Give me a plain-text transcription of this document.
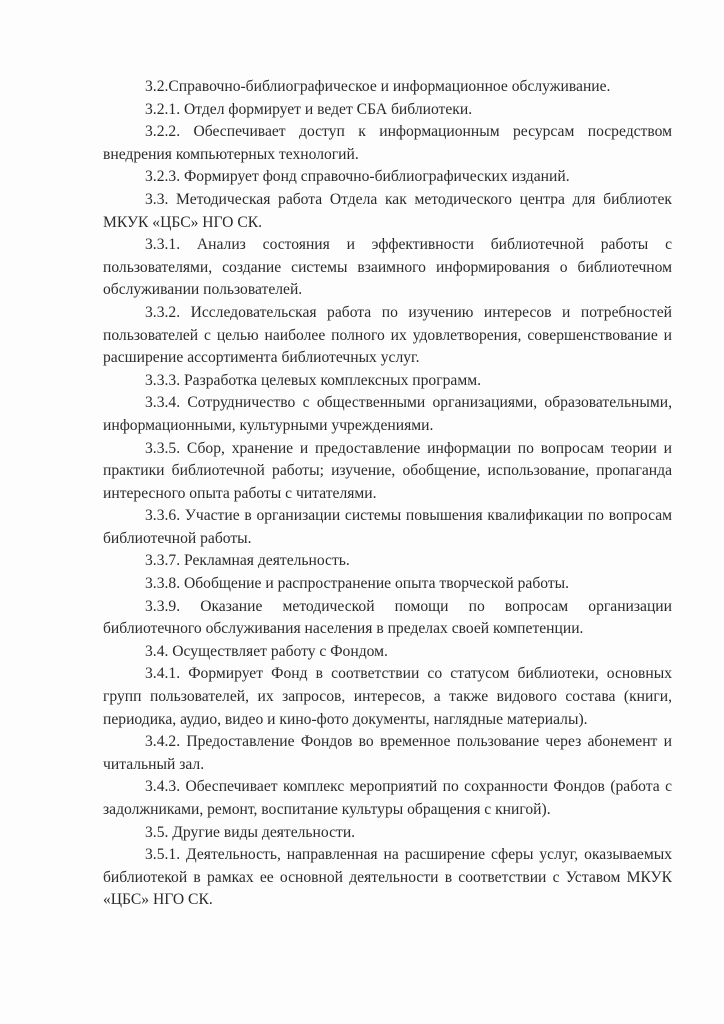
3.2.Справочно-библиографическое и информационное обслуживание.

3.2.1. Отдел формирует и ведет СБА библиотеки.

3.2.2. Обеспечивает доступ к информационным ресурсам посредством внедрения компьютерных технологий.

3.2.3. Формирует фонд справочно-библиографических изданий.

3.3. Методическая работа Отдела как методического центра для библиотек МКУК «ЦБС» НГО СК.

3.3.1. Анализ состояния и эффективности библиотечной работы с пользователями, создание системы взаимного информирования о библиотечном обслуживании пользователей.

3.3.2. Исследовательская работа по изучению интересов и потребностей пользователей с целью наиболее полного их удовлетворения, совершенствование и расширение ассортимента библиотечных услуг.

3.3.3. Разработка целевых комплексных программ.

3.3.4. Сотрудничество с общественными организациями, образовательными, информационными, культурными учреждениями.

3.3.5. Сбор, хранение и предоставление информации по вопросам теории и практики библиотечной работы; изучение, обобщение, использование, пропаганда интересного опыта работы с читателями.

3.3.6. Участие в организации системы повышения квалификации по вопросам библиотечной работы.

3.3.7. Рекламная деятельность.

3.3.8. Обобщение и распространение опыта творческой работы.

3.3.9. Оказание методической помощи по вопросам организации библиотечного обслуживания населения в пределах своей компетенции.

3.4. Осуществляет работу с Фондом.

3.4.1. Формирует Фонд в соответствии со статусом библиотеки, основных групп пользователей, их запросов, интересов, а также видового состава (книги, периодика, аудио, видео и кино-фото документы, наглядные материалы).

3.4.2. Предоставление Фондов во временное пользование через абонемент и читальный зал.

3.4.3. Обеспечивает комплекс мероприятий по сохранности Фондов (работа с задолжниками, ремонт, воспитание культуры обращения с книгой).

3.5. Другие виды деятельности.

3.5.1. Деятельность, направленная на расширение сферы услуг, оказываемых библиотекой в рамках ее основной деятельности в соответствии с Уставом МКУК «ЦБС» НГО СК.
